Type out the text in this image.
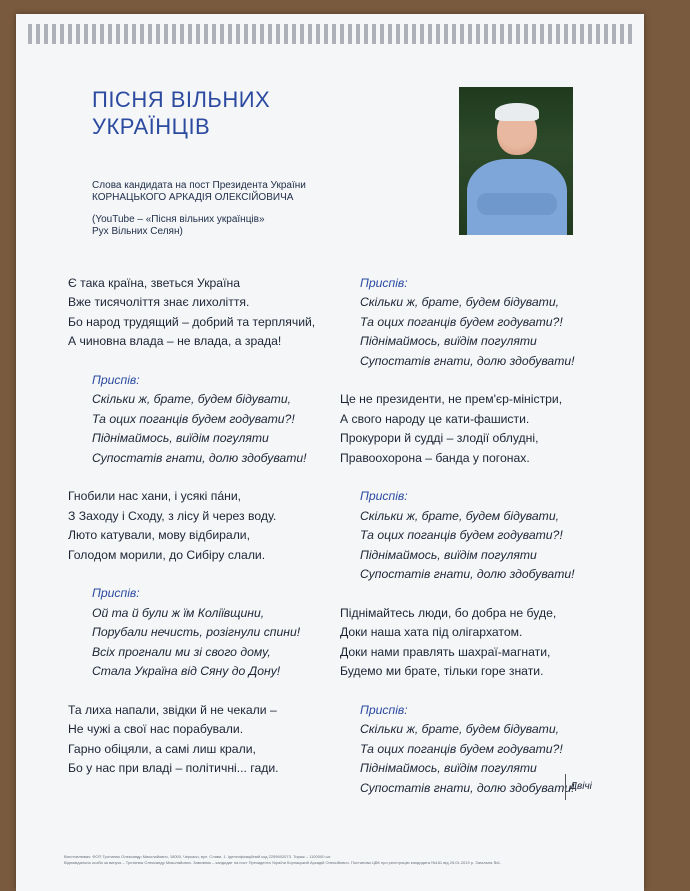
ПІСНЯ ВІЛЬНИХ
УКРАЇНЦІВ
Слова кандидата на пост Президента України
КОРНАЦЬКОГО АРКАДІЯ ОЛЕКСІЙОВИЧА
(YouTube – «Пісня вільних українців»
Рух Вільних Селян)
Є така країна, зветься Україна
Вже тисячоліття знає лихоліття.
Бо народ трудящий – добрий та терплячий,
А чиновна влада – не влада, а зрада!
Приспів:
Скільки ж, брате, будем бідувати,
Та оцих поганців будем годувати?!
Піднімаймось, виїдім погуляти
Супостатів гнати, долю здобувати!
Гнобили нас хани, і усякі пáни,
З Заходу і Сходу, з лісу й через воду.
Люто катували, мову відбирали,
Голодом морили, до Сибіру слали.
Приспів:
Ой та й були ж їм Коліївщини,
Порубали нечисть, розігнули спини!
Всіх прогнали ми зі свого дому,
Стала Україна від Сяну до Дону!
Та лиха напали, звідки й не чекали –
Не чужі а свої нас порабували.
Гарно обіцяли, а самі лиш крали,
Бо у нас при владі – політичні... гади.
Приспів:
Скільки ж, брате, будем бідувати,
Та оцих поганців будем годувати?!
Піднімаймось, виїдім погуляти
Супостатів гнати, долю здобувати!
Це не президенти, не прем'єр-міністри,
А свого народу це кати-фашисти.
Прокурори й судді – злодії облудні,
Правоохорона – банда у погонах.
Приспів:
Скільки ж, брате, будем бідувати,
Та оцих поганців будем годувати?!
Піднімаймось, виїдім погуляти
Супостатів гнати, долю здобувати!
Піднімайтесь люди, бо добра не буде,
Доки наша хата під олігархатом.
Доки нами правлять шахраї-магнати,
Будемо ми брате, тільки горе знати.
Приспів:
Скільки ж, брате, будем бідувати,
Та оцих поганців будем годувати?!
Піднімаймось, виїдім погуляти
Супостатів гнати, долю здобувати!
Двічі
Виготовлювач: ФОП Тротинюк Олександр Миколайович, 18000, Черкаси, вул. Слави, 1. Ідентифікаційний код 2259602073. Тираж – 1100000 шт.
Відповідальна особа за випуск – Тротинюк Олександр Миколайович. Замовник – кандидат на пост Президента України Корнацький Аркадій Олексійович. Постанова ЦВК про реєстрацію кандидата №161 від 25.01.2019 р. Загальна №1.
